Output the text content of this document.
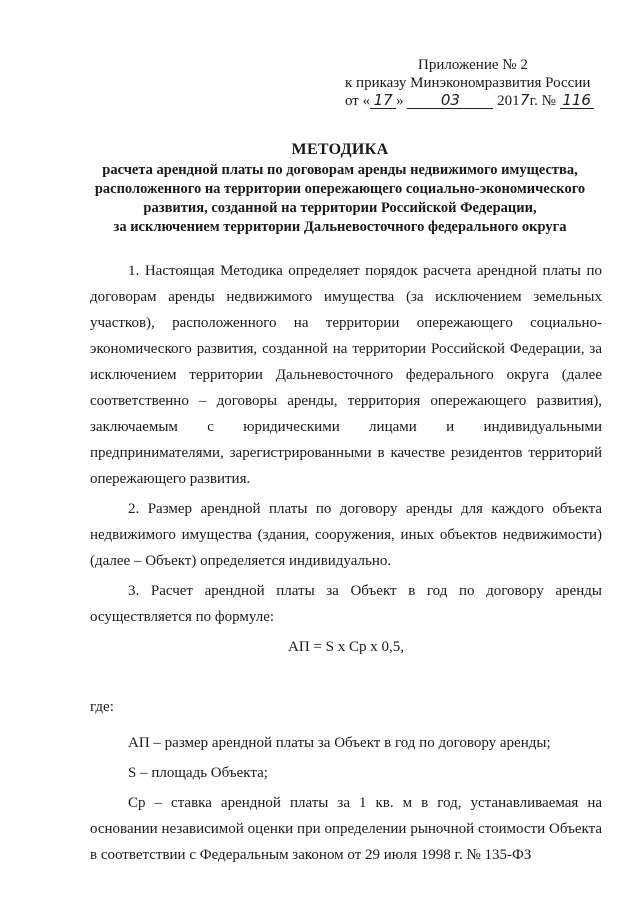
Приложение № 2
к приказу Минэкономразвития России
от « 17 » 03 2017г. № 116
МЕТОДИКА
расчета арендной платы по договорам аренды недвижимого имущества,
расположенного на территории опережающего социально-экономического
развития, созданной на территории Российской Федерации,
за исключением территории Дальневосточного федерального округа

1. Настоящая Методика определяет порядок расчета арендной платы по договорам аренды недвижимого имущества (за исключением земельных участков), расположенного на территории опережающего социально-экономического развития, созданной на территории Российской Федерации, за исключением территории Дальневосточного федерального округа (далее соответственно – договоры аренды, территория опережающего развития), заключаемым с юридическими лицами и индивидуальными предпринимателями, зарегистрированными в качестве резидентов территорий опережающего развития.

2. Размер арендной платы по договору аренды для каждого объекта недвижимого имущества (здания, сооружения, иных объектов недвижимости) (далее – Объект) определяется индивидуально.

3. Расчет арендной платы за Объект в год по договору аренды осуществляется по формуле:

АП = S x Cp x 0,5,

где:

АП – размер арендной платы за Объект в год по договору аренды;

S – площадь Объекта;

Ср – ставка арендной платы за 1 кв. м в год, устанавливаемая на основании независимой оценки при определении рыночной стоимости Объекта в соответствии с Федеральным законом от 29 июля 1998 г. № 135-ФЗ
